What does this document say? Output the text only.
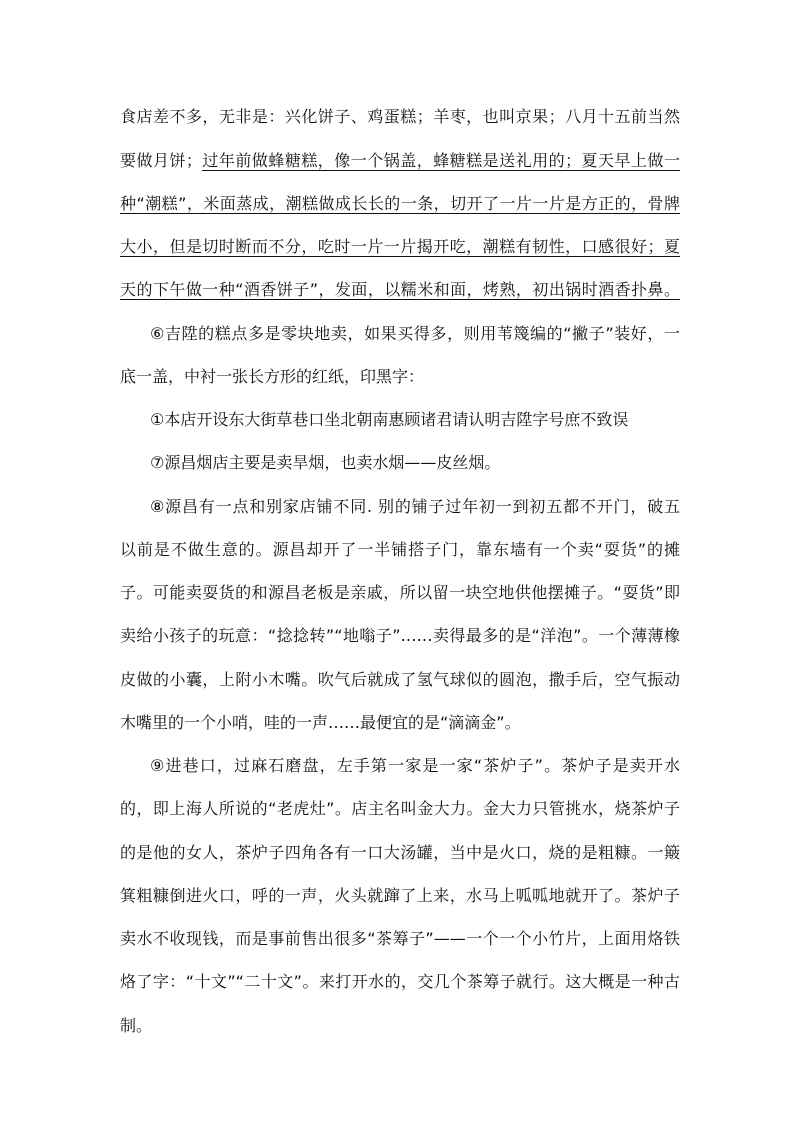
食店差不多，无非是：兴化饼子、鸡蛋糕；羊枣，也叫京果；八月十五前当然
要做月饼；过年前做蜂糖糕，像一个锅盖，蜂糖糕是送礼用的；夏天早上做一
种“潮糕”，米面蒸成，潮糕做成长长的一条，切开了一片一片是方正的，骨牌
大小，但是切时断而不分，吃时一片一片揭开吃，潮糕有韧性，口感很好；夏
天的下午做一种“酒香饼子”，发面，以糯米和面，烤熟，初出锅时酒香扑鼻。
⑥吉陞的糕点多是零块地卖，如果买得多，则用苇篾编的“撇子”装好，一
底一盖，中衬一张长方形的红纸，印黑字：
①本店开设东大街草巷口坐北朝南惠顾诸君请认明吉陞字号庶不致误
⑦源昌烟店主要是卖旱烟，也卖水烟——皮丝烟。
⑧源昌有一点和别家店铺不同. 别的铺子过年初一到初五都不开门，破五
以前是不做生意的。源昌却开了一半铺搭子门，靠东墙有一个卖“耍货”的摊
子。可能卖耍货的和源昌老板是亲戚，所以留一块空地供他摆摊子。“耍货”即
卖给小孩子的玩意：“捻捻转”“地嗡子”……卖得最多的是“洋泡”。一个薄薄橡
皮做的小囊，上附小木嘴。吹气后就成了氢气球似的圆泡，撒手后，空气振动
木嘴里的一个小哨，哇的一声……最便宜的是“滴滴金”。
⑨进巷口，过麻石磨盘，左手第一家是一家“茶炉子”。茶炉子是卖开水
的，即上海人所说的“老虎灶”。店主名叫金大力。金大力只管挑水，烧茶炉子
的是他的女人，茶炉子四角各有一口大汤罐，当中是火口，烧的是粗糠。一簸
箕粗糠倒进火口，呼的一声，火头就蹿了上来，水马上呱呱地就开了。茶炉子
卖水不收现钱，而是事前售出很多“茶筹子”——一个一个小竹片，上面用烙铁
烙了字：“十文”“二十文”。来打开水的，交几个茶筹子就行。这大概是一种古
制。
